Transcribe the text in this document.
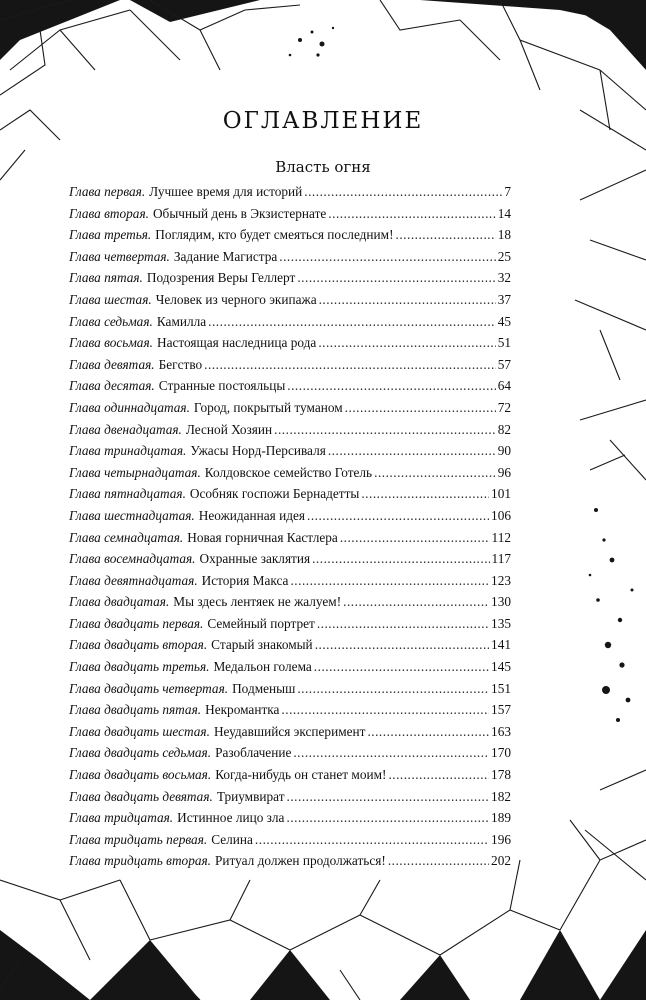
ОГЛАВЛЕНИЕ
Власть огня
Глава первая. Лучшее время для историй .....	7
Глава вторая. Обычный день в Экзистернате .....	14
Глава третья. Поглядим, кто будет смеяться последним! .....	18
Глава четвертая. Задание Магистра .....	25
Глава пятая. Подозрения Веры Геллерт .....	32
Глава шестая. Человек из черного экипажа .....	37
Глава седьмая. Камилла .....	45
Глава восьмая. Настоящая наследница рода .....	51
Глава девятая. Бегство .....	57
Глава десятая. Странные постояльцы .....	64
Глава одиннадцатая. Город, покрытый туманом .....	72
Глава двенадцатая. Лесной Хозяин .....	82
Глава тринадцатая. Ужасы Норд-Персиваля .....	90
Глава четырнадцатая. Колдовское семейство Готель .....	96
Глава пятнадцатая. Особняк госпожи Бернадетты .....	101
Глава шестнадцатая. Неожиданная идея .....	106
Глава семнадцатая. Новая горничная Кастлера .....	112
Глава восемнадцатая. Охранные заклятия .....	117
Глава девятнадцатая. История Макса .....	123
Глава двадцатая. Мы здесь лентяек не жалуем! .....	130
Глава двадцать первая. Семейный портрет .....	135
Глава двадцать вторая. Старый знакомый .....	141
Глава двадцать третья. Медальон голема .....	145
Глава двадцать четвертая. Подменыш .....	151
Глава двадцать пятая. Некромантка .....	157
Глава двадцать шестая. Неудавшийся эксперимент .....	163
Глава двадцать седьмая. Разоблачение .....	170
Глава двадцать восьмая. Когда-нибудь он станет моим! .....	178
Глава двадцать девятая. Триумвират .....	182
Глава тридцатая. Истинное лицо зла .....	189
Глава тридцать первая. Селина .....	196
Глава тридцать вторая. Ритуал должен продолжаться! .....	202
